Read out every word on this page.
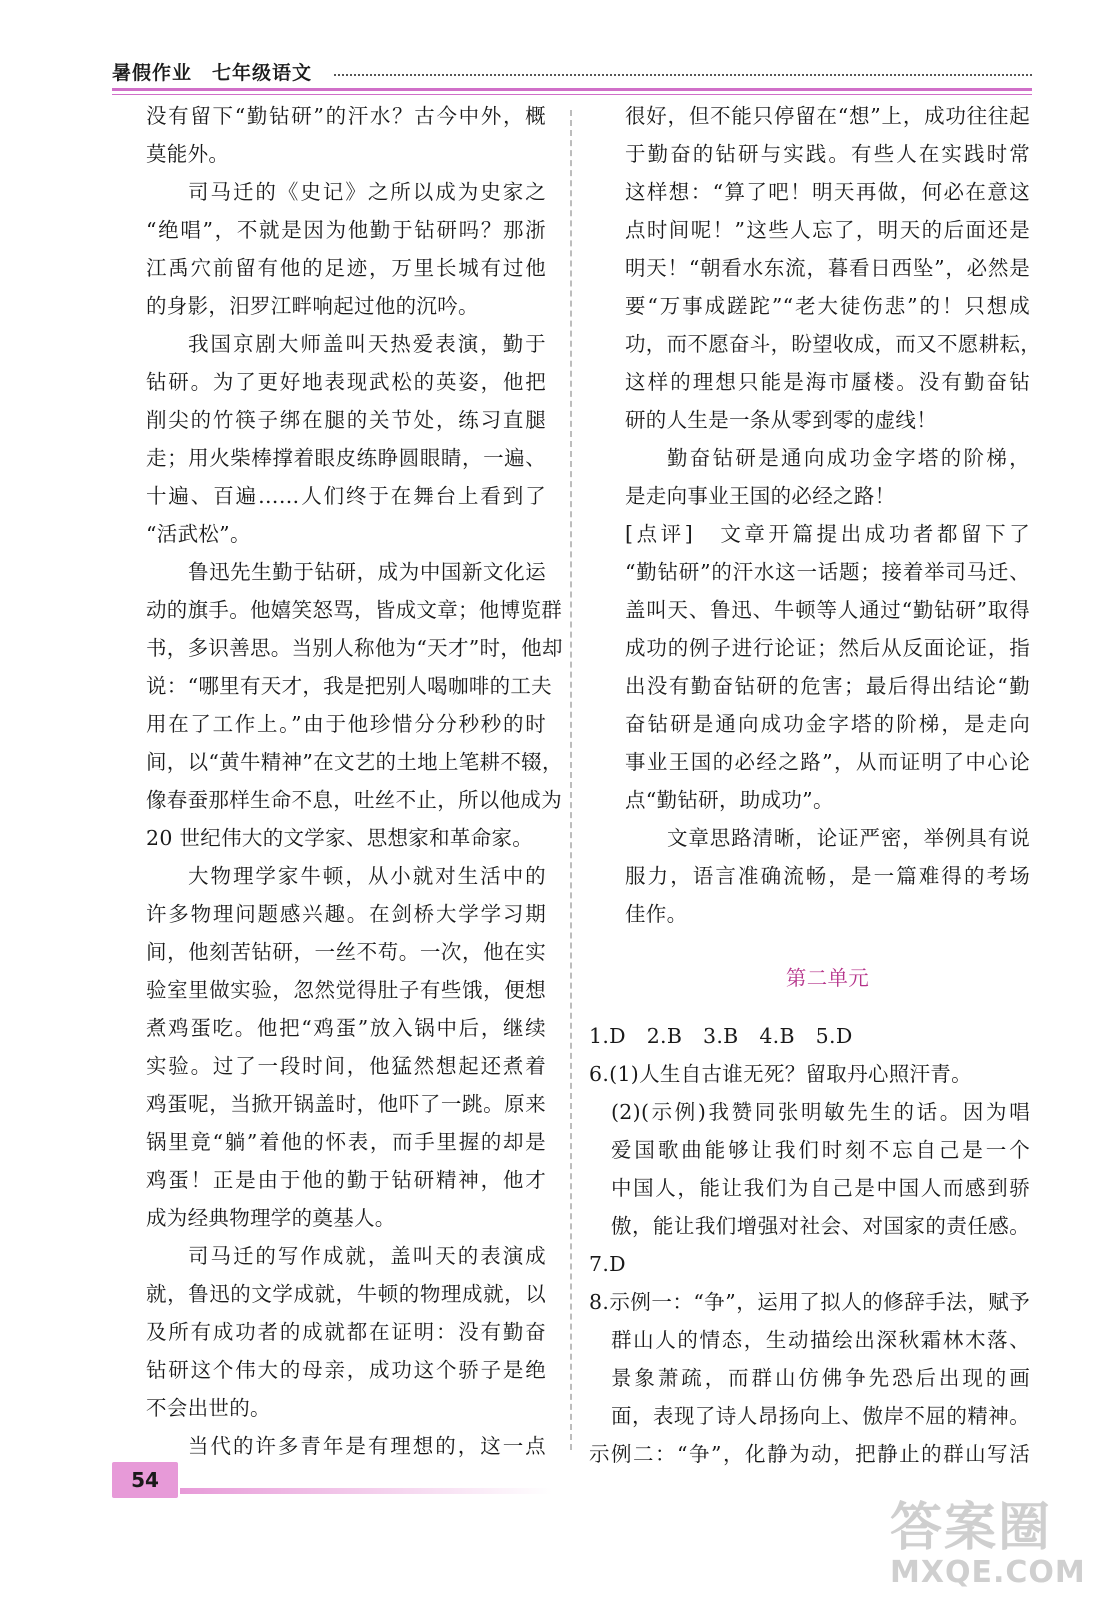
暑假作业　七年级语文
没有留下“勤钻研”的汗水？古今中外，概
莫能外。
司马迁的《史记》之所以成为史家之
“绝唱”，不就是因为他勤于钻研吗？那浙
江禹穴前留有他的足迹，万里长城有过他
的身影，汨罗江畔响起过他的沉吟。
我国京剧大师盖叫天热爱表演，勤于
钻研。为了更好地表现武松的英姿，他把
削尖的竹筷子绑在腿的关节处，练习直腿
走；用火柴棒撑着眼皮练睁圆眼睛，一遍、
十遍、百遍……人们终于在舞台上看到了
“活武松”。
鲁迅先生勤于钻研，成为中国新文化运
动的旗手。他嬉笑怒骂，皆成文章；他博览群
书，多识善思。当别人称他为“天才”时，他却
说：“哪里有天才，我是把别人喝咖啡的工夫
用在了工作上。”由于他珍惜分分秒秒的时
间，以“黄牛精神”在文艺的土地上笔耕不辍，
像春蚕那样生命不息，吐丝不止，所以他成为
20 世纪伟大的文学家、思想家和革命家。
大物理学家牛顿，从小就对生活中的
许多物理问题感兴趣。在剑桥大学学习期
间，他刻苦钻研，一丝不苟。一次，他在实
验室里做实验，忽然觉得肚子有些饿，便想
煮鸡蛋吃。他把“鸡蛋”放入锅中后，继续
实验。过了一段时间，他猛然想起还煮着
鸡蛋呢，当掀开锅盖时，他吓了一跳。原来
锅里竟“躺”着他的怀表，而手里握的却是
鸡蛋！正是由于他的勤于钻研精神，他才
成为经典物理学的奠基人。
司马迁的写作成就，盖叫天的表演成
就，鲁迅的文学成就，牛顿的物理成就，以
及所有成功者的成就都在证明：没有勤奋
钻研这个伟大的母亲，成功这个骄子是绝
不会出世的。
当代的许多青年是有理想的，这一点
很好，但不能只停留在“想”上，成功往往起
于勤奋的钻研与实践。有些人在实践时常
这样想：“算了吧！明天再做，何必在意这
点时间呢！”这些人忘了，明天的后面还是
明天！“朝看水东流，暮看日西坠”，必然是
要“万事成蹉跎”“老大徒伤悲”的！只想成
功，而不愿奋斗，盼望收成，而又不愿耕耘，
这样的理想只能是海市蜃楼。没有勤奋钻
研的人生是一条从零到零的虚线！
勤奋钻研是通向成功金字塔的阶梯，
是走向事业王国的必经之路！
[点评]　文章开篇提出成功者都留下了
“勤钻研”的汗水这一话题；接着举司马迁、
盖叫天、鲁迅、牛顿等人通过“勤钻研”取得
成功的例子进行论证；然后从反面论证，指
出没有勤奋钻研的危害；最后得出结论“勤
奋钻研是通向成功金字塔的阶梯，是走向
事业王国的必经之路”，从而证明了中心论
点“勤钻研，助成功”。
文章思路清晰，论证严密，举例具有说
服力，语言准确流畅，是一篇难得的考场
佳作。
第二单元
1.D　2.B　3.B　4.B　5.D
6.(1)人生自古谁无死？留取丹心照汗青。
(2)(示例)我赞同张明敏先生的话。因为唱
爱国歌曲能够让我们时刻不忘自己是一个
中国人，能让我们为自己是中国人而感到骄
傲，能让我们增强对社会、对国家的责任感。
7.D
8.示例一：“争”，运用了拟人的修辞手法，赋予
群山人的情态，生动描绘出深秋霜林木落、
景象萧疏，而群山仿佛争先恐后出现的画
面，表现了诗人昂扬向上、傲岸不屈的精神。
示例二：“争”，化静为动，把静止的群山写活
54
答案圈
MXQE.COM
